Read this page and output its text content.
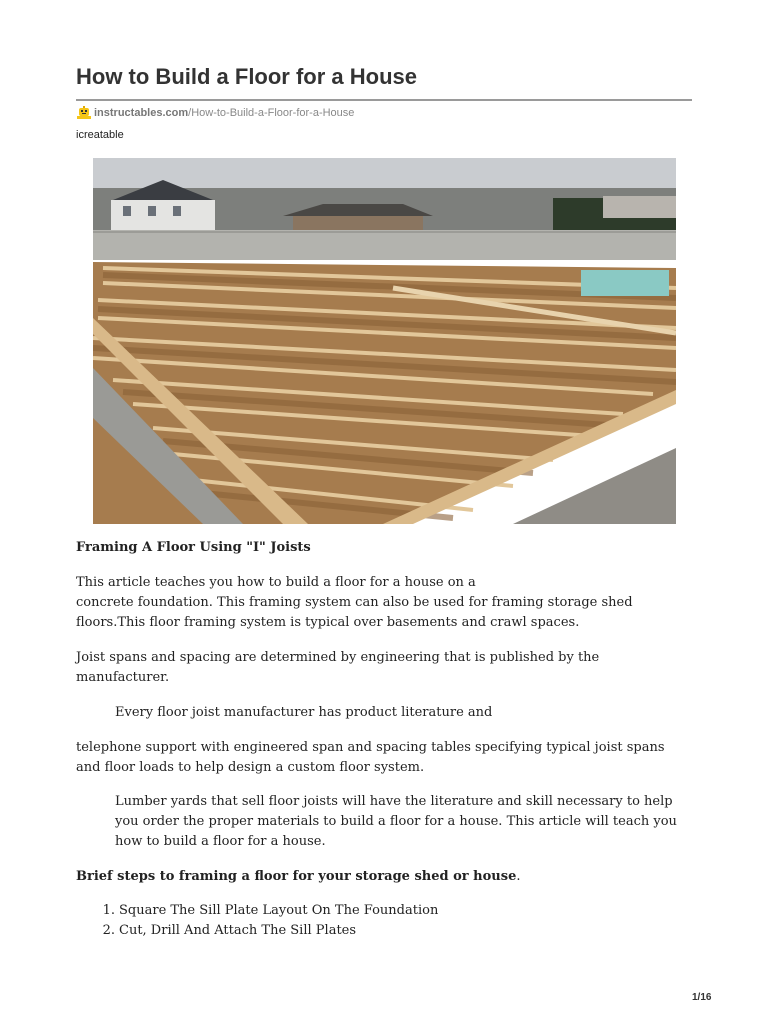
How to Build a Floor for a House
instructables.com /How-to-Build-a-Floor-for-a-House
icreatable

Framing A Floor Using "I" Joists

This article teaches you how to build a floor for a house on a

concrete foundation. This framing system can also be used for framing storage shed

floors.This floor framing system is typical over basements and crawl spaces.

Joist spans and spacing are determined by engineering that is published by the

manufacturer.

Every floor joist manufacturer has product literature and

telephone support with engineered span and spacing tables specifying typical joist spans

and floor loads to help design a custom floor system.

Lumber yards that sell floor joists will have the literature and skill necessary to help

you order the proper materials to build a floor for a house. This article will teach you

how to build a floor for a house.

Brief steps to framing a floor for your storage shed or house.

1. Square The Sill Plate Layout On The Foundation
2. Cut, Drill And Attach The Sill Plates
1/16
